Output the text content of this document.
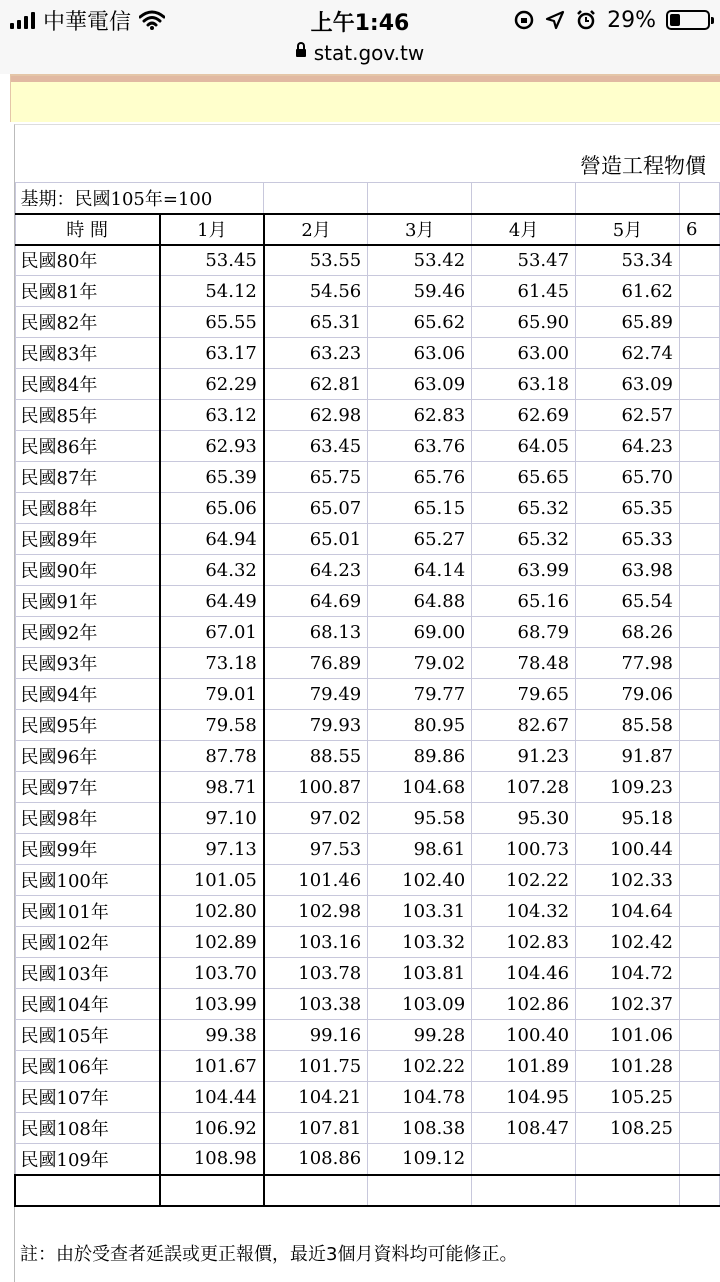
中華電信	上午1:46	29%
stat.gov.tw
營造工程物價
基期：民國105年=100						
時 間	1月	2月	3月	4月	5月	6
民國80年	53.45	53.55	53.42	53.47	53.34	
民國81年	54.12	54.56	59.46	61.45	61.62	
民國82年	65.55	65.31	65.62	65.90	65.89	
民國83年	63.17	63.23	63.06	63.00	62.74	
民國84年	62.29	62.81	63.09	63.18	63.09	
民國85年	63.12	62.98	62.83	62.69	62.57	
民國86年	62.93	63.45	63.76	64.05	64.23	
民國87年	65.39	65.75	65.76	65.65	65.70	
民國88年	65.06	65.07	65.15	65.32	65.35	
民國89年	64.94	65.01	65.27	65.32	65.33	
民國90年	64.32	64.23	64.14	63.99	63.98	
民國91年	64.49	64.69	64.88	65.16	65.54	
民國92年	67.01	68.13	69.00	68.79	68.26	
民國93年	73.18	76.89	79.02	78.48	77.98	
民國94年	79.01	79.49	79.77	79.65	79.06	
民國95年	79.58	79.93	80.95	82.67	85.58	
民國96年	87.78	88.55	89.86	91.23	91.87	
民國97年	98.71	100.87	104.68	107.28	109.23	
民國98年	97.10	97.02	95.58	95.30	95.18	
民國99年	97.13	97.53	98.61	100.73	100.44	
民國100年	101.05	101.46	102.40	102.22	102.33	
民國101年	102.80	102.98	103.31	104.32	104.64	
民國102年	102.89	103.16	103.32	102.83	102.42	
民國103年	103.70	103.78	103.81	104.46	104.72	
民國104年	103.99	103.38	103.09	102.86	102.37	
民國105年	99.38	99.16	99.28	100.40	101.06	
民國106年	101.67	101.75	102.22	101.89	101.28	
民國107年	104.44	104.21	104.78	104.95	105.25	
民國108年	106.92	107.81	108.38	108.47	108.25	
民國109年	108.98	108.86	109.12			

註：由於受查者延誤或更正報價，最近3個月資料均可能修正。
